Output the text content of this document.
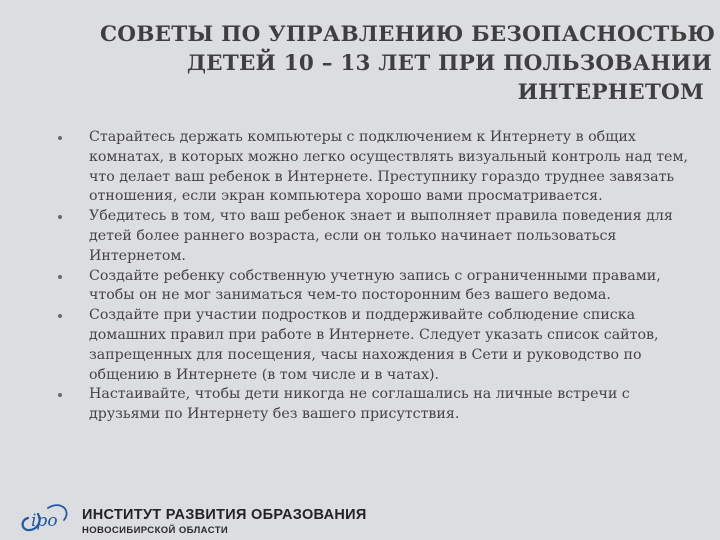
СОВЕТЫ ПО УПРАВЛЕНИЮ БЕЗОПАСНОСТЬЮ
ДЕТЕЙ 10 – 13 ЛЕТ ПРИ ПОЛЬЗОВАНИИ
ИНТЕРНЕТОМ
Старайтесь держать компьютеры с подключением к Интернету в общих комнатах, в которых можно легко осуществлять визуальный контроль над тем, что делает ваш ребенок в Интернете. Преступнику гораздо труднее завязать отношения, если экран компьютера хорошо вами просматривается.
Убедитесь в том, что ваш ребенок знает и выполняет правила поведения для детей более раннего возраста, если он только начинает пользоваться Интернетом.
Создайте ребенку собственную учетную запись с ограниченными правами, чтобы он не мог заниматься чем-то посторонним без вашего ведома.
Создайте при участии подростков и поддерживайте соблюдение списка домашних правил при работе в Интернете. Следует указать список сайтов, запрещенных для посещения, часы нахождения в Сети и руководство по общению в Интернете (в том числе и в чатах).
Настаивайте, чтобы дети никогда не соглашались на личные встречи с друзьями по Интернету без вашего присутствия.
ipo ИНСТИТУТ РАЗВИТИЯ ОБРАЗОВАНИЯ
НОВОСИБИРСКОЙ ОБЛАСТИ
